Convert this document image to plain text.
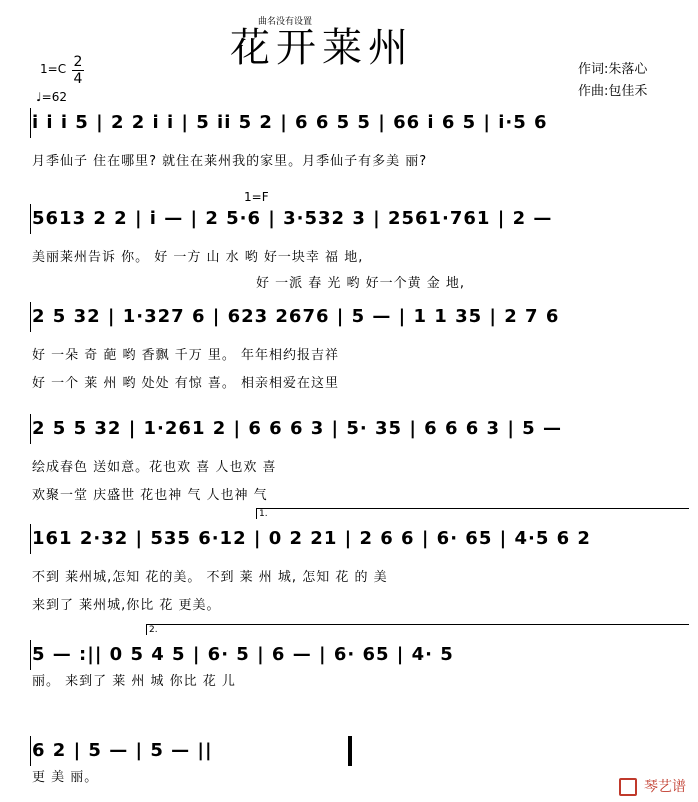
曲名没有设置
花开莱州
1=C 2
4
♩=62
作词:朱落心
作曲:包佳禾
i i i 5 | 2 2 i i | 5 ii 5 2 | 6 6 5 5 | 66 i 6 5 | i·5 6
月季仙子 住在哪里? 就住在莱州我的家里。月季仙子有多美 丽?
1=F
5613 2 2 | i — | 2 5·6 | 3·532 3 | 2561·761 | 2 —
美丽莱州告诉 你。 好 一方 山 水 哟 好一块幸 福 地,
好 一派 春 光 哟 好一个黄 金 地,
2 5 32 | 1·327 6 | 623 2676 | 5 — | 1 1 35 | 2 7 6
好 一朵 奇 葩 哟 香飘 千万 里。 年年相约报吉祥
好 一个 莱 州 哟 处处 有惊 喜。 相亲相爱在这里
2 5 5 32 | 1·261 2 | 6 6 6 3 | 5· 35 | 6 6 6 3 | 5 —
绘成春色 送如意。花也欢 喜 人也欢 喜
欢聚一堂 庆盛世 花也神 气 人也神 气
1.
161 2·32 | 535 6·12 | 0 2 21 | 2 6 6 | 6· 65 | 4·5 6 2
不到 莱州城,怎知 花的美。 不到 莱 州 城, 怎知 花 的 美
来到了 莱州城,你比 花 更美。
2.
5 — :|| 0 5 4 5 | 6· 5 | 6 — | 6· 65 | 4· 5
丽。 来到了 莱 州 城 你比 花 儿
6 2 | 5 — | 5 — ||
更 美 丽。
琴艺谱
